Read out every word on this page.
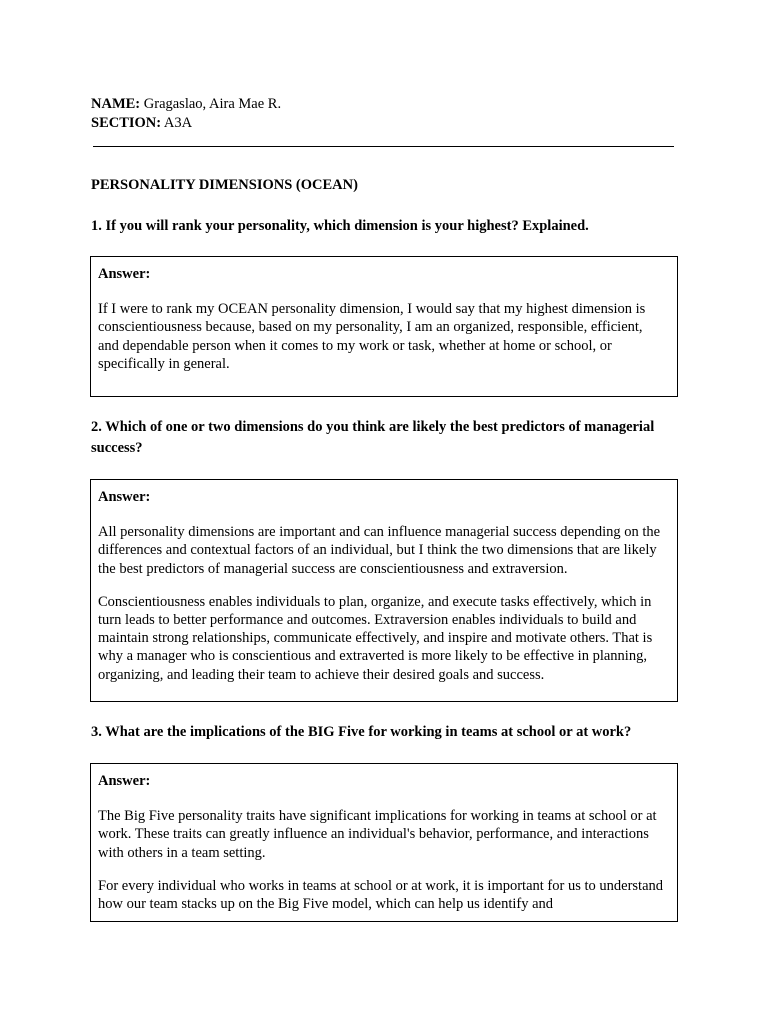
NAME: Gragaslao, Aira Mae R.
SECTION: A3A
PERSONALITY DIMENSIONS (OCEAN)
1. If you will rank your personality, which dimension is your highest? Explained.
Answer:

If I were to rank my OCEAN personality dimension, I would say that my highest dimension is conscientiousness because, based on my personality, I am an organized, responsible, efficient, and dependable person when it comes to my work or task, whether at home or school, or specifically in general.

2. Which of one or two dimensions do you think are likely the best predictors of managerial success?
Answer:

All personality dimensions are important and can influence managerial success depending on the differences and contextual factors of an individual, but I think the two dimensions that are likely the best predictors of managerial success are conscientiousness and extraversion.

Conscientiousness enables individuals to plan, organize, and execute tasks effectively, which in turn leads to better performance and outcomes. Extraversion enables individuals to build and maintain strong relationships, communicate effectively, and inspire and motivate others. That is why a manager who is conscientious and extraverted is more likely to be effective in planning, organizing, and leading their team to achieve their desired goals and success.

3. What are the implications of the BIG Five for working in teams at school or at work?
Answer:

The Big Five personality traits have significant implications for working in teams at school or at work. These traits can greatly influence an individual's behavior, performance, and interactions with others in a team setting.

For every individual who works in teams at school or at work, it is important for us to understand how our team stacks up on the Big Five model, which can help us identify and
